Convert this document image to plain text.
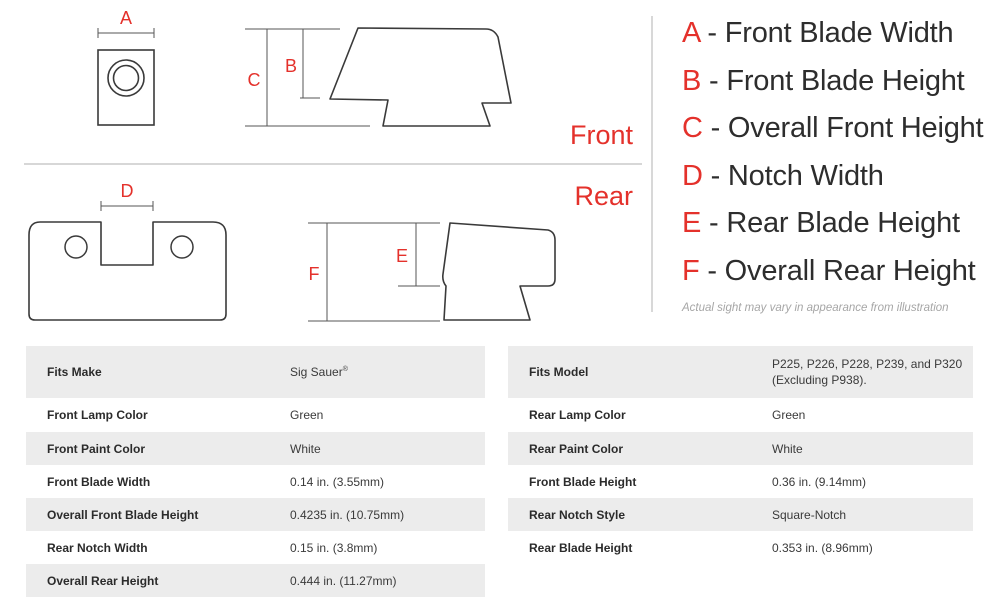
A
C
B
Front
Rear
D
F
E
A - Front Blade Width
B - Front Blade Height
C - Overall Front Height
D - Notch Width
E - Rear Blade Height
F - Overall Rear Height
Actual sight may vary in appearance from illustration
Fits Make	Sig Sauer®
Front Lamp Color	Green
Front Paint Color	White
Front Blade Width	0.14 in. (3.55mm)
Overall Front Blade Height	0.4235 in. (10.75mm)
Rear Notch Width	0.15 in. (3.8mm)
Overall Rear Height	0.444 in. (11.27mm)
Fits Model	P225, P226, P228, P239, and P320 (Excluding P938).
Rear Lamp Color	Green
Rear Paint Color	White
Front Blade Height	0.36 in. (9.14mm)
Rear Notch Style	Square-Notch
Rear Blade Height	0.353 in. (8.96mm)
